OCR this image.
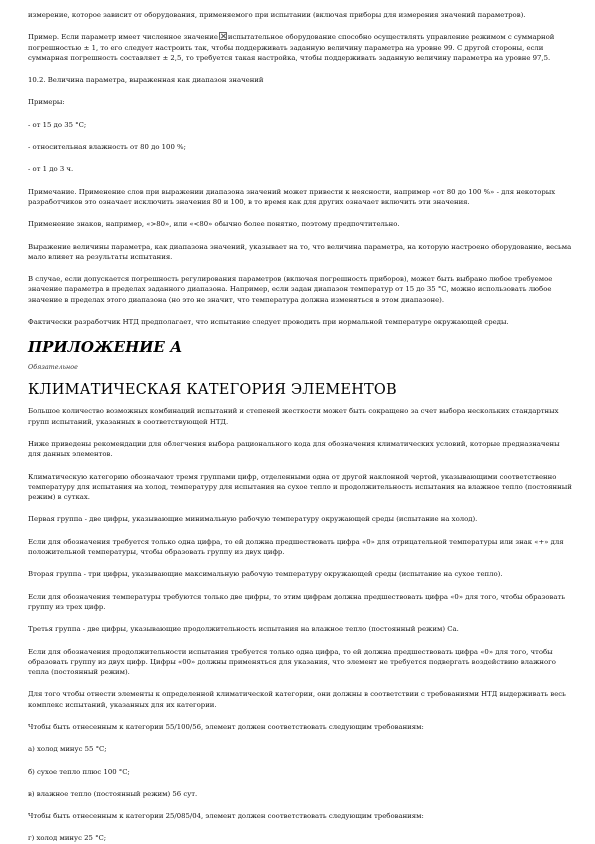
измерение, которое зависит от оборудования, применяемого при испытании (включая приборы для измерения значений параметров).

Пример. Если параметр имеет численное значение испытательное оборудование способно осуществлять управление режимом с суммарной погрешностью ± 1, то его следует настроить так, чтобы поддерживать заданную величину параметра на уровне 99. С другой стороны, если суммарная погрешность составляет ± 2,5, то требуется такая настройка, чтобы поддерживать заданную величину параметра на уровне 97,5.

10.2. Величина параметра, выраженная как диапазон значений

Примеры:

- от 15 до 35 °С;

- относительная влажность от 80 до 100 %;

- от 1 до 3 ч.

Примечание. Применение слов при выражении диапазона значений может привести к неясности, например «от 80 до 100 %» - для некоторых разработчиков это означает исключить значения 80 и 100, в то время как для других означает включить эти значения.

Применение знаков, например, «>80», или «<80» обычно более понятно, поэтому предпочтительно.

Выражение величины параметра, как диапазона значений, указывает на то, что величина параметра, на которую настроено оборудование, весьма мало влияет на результаты испытания.

В случае, если допускается погрешность регулирования параметров (включая погрешность приборов), может быть выбрано любое требуемое значение параметра в пределах заданного диапазона. Например, если задан диапазон температур от 15 до 35 °С, можно использовать любое значение в пределах этого диапазона (но это не значит, что температура должна изменяться в этом диапазоне).

Фактически разработчик НТД предполагает, что испытание следует проводить при нормальной температуре окружающей среды.

ПРИЛОЖЕНИЕ А

Обязательное

КЛИМАТИЧЕСКАЯ КАТЕГОРИЯ ЭЛЕМЕНТОВ

Большое количество возможных комбинаций испытаний и степеней жесткости может быть сокращено за счет выбора нескольких стандартных групп испытаний, указанных в соответствующей НТД.

Ниже приведены рекомендации для облегчения выбора рационального кода для обозначения климатических условий, которые предназначены для данных элементов.

Климатическую категорию обозначают тремя группами цифр, отделенными одна от другой наклонной чертой, указывающими соответственно температуру для испытания на холод, температуру для испытания на сухое тепло и продолжительность испытания на влажное тепло (постоянный режим) в сутках.

Первая группа - две цифры, указывающие минимальную рабочую температуру окружающей среды (испытание на холод).

Если для обозначения требуется только одна цифра, то ей должна предшествовать цифра «0» для отрицательной температуры или знак «+» для положительной температуры, чтобы образовать группу из двух цифр.

Вторая группа - три цифры, указывающие максимальную рабочую температуру окружающей среды (испытание на сухое тепло).

Если для обозначения температуры требуются только две цифры, то этим цифрам должна предшествовать цифра «0» для того, чтобы образовать группу из трех цифр.

Третья группа - две цифры, указывающие продолжительность испытания на влажное тепло (постоянный режим) Са.

Если для обозначения продолжительности испытания требуется только одна цифра, то ей должна предшествовать цифра «0» для того, чтобы образовать группу из двух цифр. Цифры «00» должны применяться для указания, что элемент не требуется подвергать воздействию влажного тепла (постоянный режим).

Для того чтобы отнести элементы к определенной климатической категории, они должны в соответствии с требованиями НТД выдерживать весь комплекс испытаний, указанных для их категории.

Чтобы быть отнесенным к категории 55/100/56, элемент должен соответствовать следующим требованиям:

а) холод минус 55 °С;

б) сухое тепло плюс 100 °С;

в) влажное тепло (постоянный режим) 56 сут.

Чтобы быть отнесенным к категории 25/085/04, элемент должен соответствовать следующим требованиям:

г) холод минус 25 °С;
